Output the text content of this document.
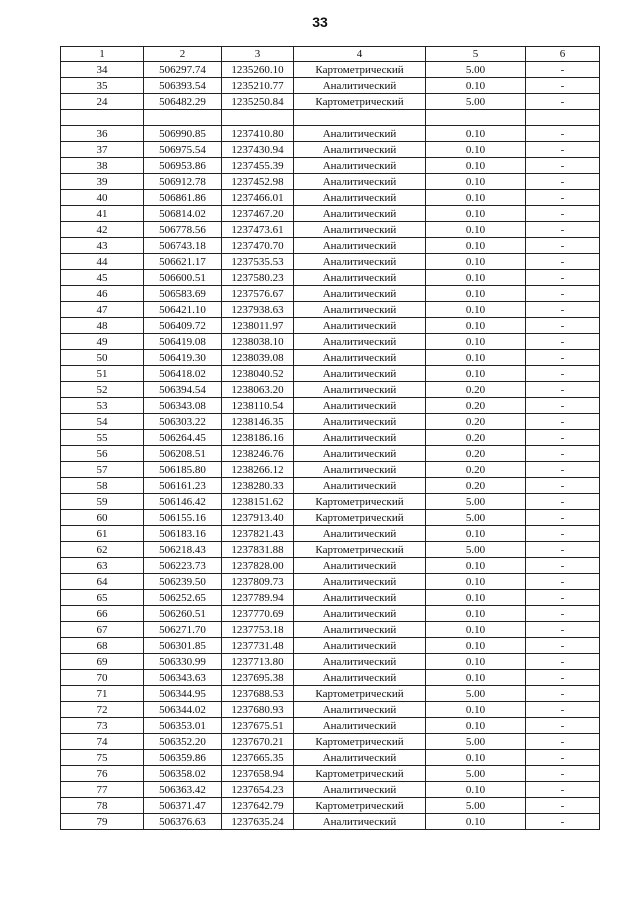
33
1	2	3	4	5	6
34	506297.74	1235260.10	Картометрический	5.00	-
35	506393.54	1235210.77	Аналитический	0.10	-
24	506482.29	1235250.84	Картометрический	5.00	-

36	506990.85	1237410.80	Аналитический	0.10	-
37	506975.54	1237430.94	Аналитический	0.10	-
38	506953.86	1237455.39	Аналитический	0.10	-
39	506912.78	1237452.98	Аналитический	0.10	-
40	506861.86	1237466.01	Аналитический	0.10	-
41	506814.02	1237467.20	Аналитический	0.10	-
42	506778.56	1237473.61	Аналитический	0.10	-
43	506743.18	1237470.70	Аналитический	0.10	-
44	506621.17	1237535.53	Аналитический	0.10	-
45	506600.51	1237580.23	Аналитический	0.10	-
46	506583.69	1237576.67	Аналитический	0.10	-
47	506421.10	1237938.63	Аналитический	0.10	-
48	506409.72	1238011.97	Аналитический	0.10	-
49	506419.08	1238038.10	Аналитический	0.10	-
50	506419.30	1238039.08	Аналитический	0.10	-
51	506418.02	1238040.52	Аналитический	0.10	-
52	506394.54	1238063.20	Аналитический	0.20	-
53	506343.08	1238110.54	Аналитический	0.20	-
54	506303.22	1238146.35	Аналитический	0.20	-
55	506264.45	1238186.16	Аналитический	0.20	-
56	506208.51	1238246.76	Аналитический	0.20	-
57	506185.80	1238266.12	Аналитический	0.20	-
58	506161.23	1238280.33	Аналитический	0.20	-
59	506146.42	1238151.62	Картометрический	5.00	-
60	506155.16	1237913.40	Картометрический	5.00	-
61	506183.16	1237821.43	Аналитический	0.10	-
62	506218.43	1237831.88	Картометрический	5.00	-
63	506223.73	1237828.00	Аналитический	0.10	-
64	506239.50	1237809.73	Аналитический	0.10	-
65	506252.65	1237789.94	Аналитический	0.10	-
66	506260.51	1237770.69	Аналитический	0.10	-
67	506271.70	1237753.18	Аналитический	0.10	-
68	506301.85	1237731.48	Аналитический	0.10	-
69	506330.99	1237713.80	Аналитический	0.10	-
70	506343.63	1237695.38	Аналитический	0.10	-
71	506344.95	1237688.53	Картометрический	5.00	-
72	506344.02	1237680.93	Аналитический	0.10	-
73	506353.01	1237675.51	Аналитический	0.10	-
74	506352.20	1237670.21	Картометрический	5.00	-
75	506359.86	1237665.35	Аналитический	0.10	-
76	506358.02	1237658.94	Картометрический	5.00	-
77	506363.42	1237654.23	Аналитический	0.10	-
78	506371.47	1237642.79	Картометрический	5.00	-
79	506376.63	1237635.24	Аналитический	0.10	-
